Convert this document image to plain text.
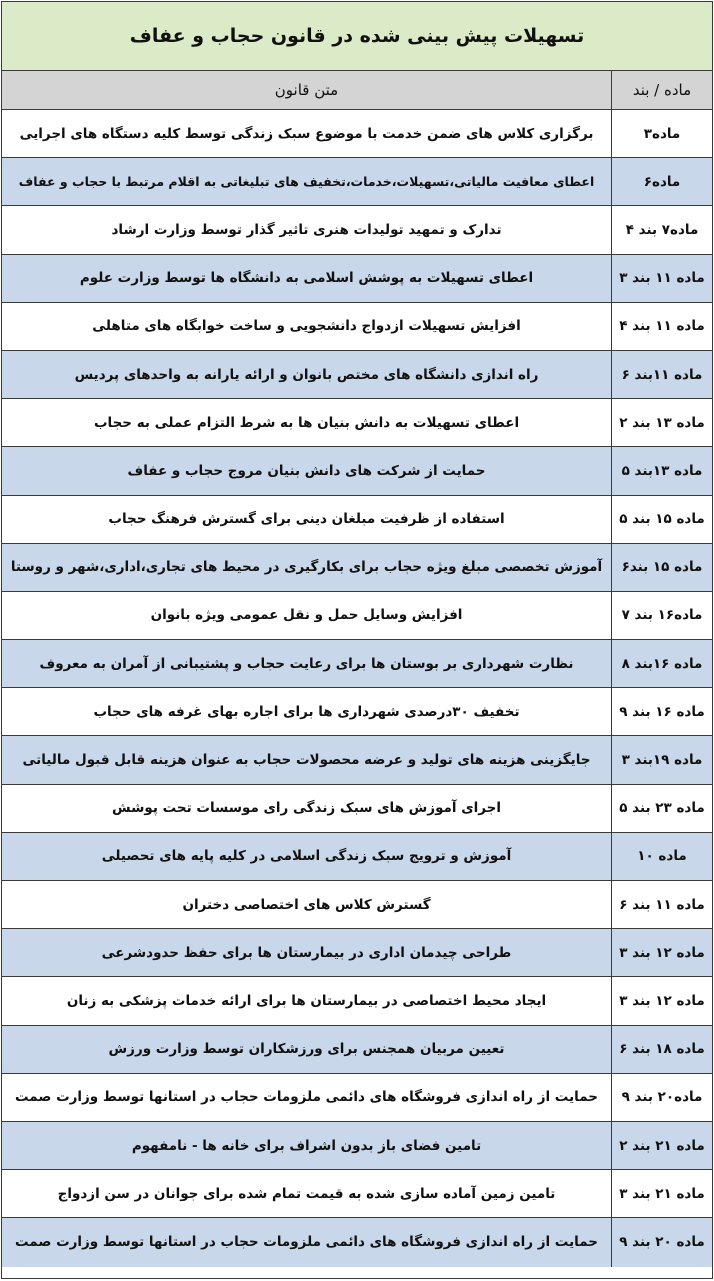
تسهیلات پیش بینی شده در قانون حجاب و عفاف
ماده / بند
متن قانون
ماده۳
برگزاری کلاس های ضمن خدمت با موضوع سبک زندگی توسط کلیه دستگاه های اجرایی
ماده۶
اعطای معافیت مالیاتی،تسهیلات،خدمات،تخفیف های تبلیغاتی به اقلام مرتبط با حجاب و عفاف
ماده۷ بند ۴
تدارک و تمهید تولیدات هنری تاثیر گذار توسط وزارت ارشاد
ماده ۱۱ بند ۳
اعطای تسهیلات به پوشش اسلامی به دانشگاه ها توسط وزارت علوم
ماده ۱۱ بند ۴
افزایش تسهیلات ازدواج دانشجویی و ساخت خوابگاه های متاهلی
ماده ۱۱بند ۶
راه اندازی دانشگاه های مختص بانوان و ارائه یارانه به واحدهای پردیس
ماده ۱۳ بند ۲
اعطای تسهیلات به دانش بنیان ها به شرط التزام عملی به حجاب
ماده ۱۳بند ۵
حمایت از شرکت های دانش بنیان مروج حجاب و عفاف
ماده ۱۵ بند ۵
استفاده از ظرفیت مبلغان دینی برای گسترش فرهنگ حجاب
ماده ۱۵ بند۶
آموزش تخصصی مبلغ ویژه حجاب برای بکارگیری در محیط های تجاری،اداری،شهر و روستا
ماده۱۶ بند ۷
افزایش وسایل حمل و نقل عمومی ویژه بانوان
ماده ۱۶بند ۸
نظارت شهرداری بر بوستان ها برای رعایت حجاب و پشتیبانی از آمران به معروف
ماده ۱۶ بند ۹
تخفیف ۳۰درصدی شهرداری ها برای اجاره بهای غرفه های حجاب
ماده ۱۹بند ۳
جایگزینی هزینه های تولید و عرضه محصولات حجاب به عنوان هزینه قابل قبول مالیاتی
ماده ۲۳ بند ۵
اجرای آموزش های سبک زندگی رای موسسات تحت پوشش
ماده ۱۰
آموزش و ترویج سبک زندگی اسلامی در کلیه پایه های تحصیلی
ماده ۱۱ بند ۶
گسترش کلاس های اختصاصی دختران
ماده ۱۲ بند ۳
طراحی چیدمان اداری در بیمارستان ها برای حفظ حدودشرعی
ماده ۱۲ بند ۳
ایجاد محیط اختصاصی در بیمارستان ها برای ارائه خدمات پزشکی به زنان
ماده ۱۸ بند ۶
تعیین مربیان همجنس برای ورزشکاران توسط وزارت ورزش
ماده۲۰ بند ۹
حمایت از راه اندازی فروشگاه های دائمی ملزومات حجاب در استانها توسط وزارت صمت
ماده ۲۱ بند ۲
تامین فضای باز بدون اشراف برای خانه ها - نامفهوم
ماده ۲۱ بند ۳
تامین زمین آماده سازی شده به قیمت تمام شده برای جوانان در سن ازدواج
ماده ۲۰ بند ۹
حمایت از راه اندازی فروشگاه های دائمی ملزومات حجاب در استانها توسط وزارت صمت
